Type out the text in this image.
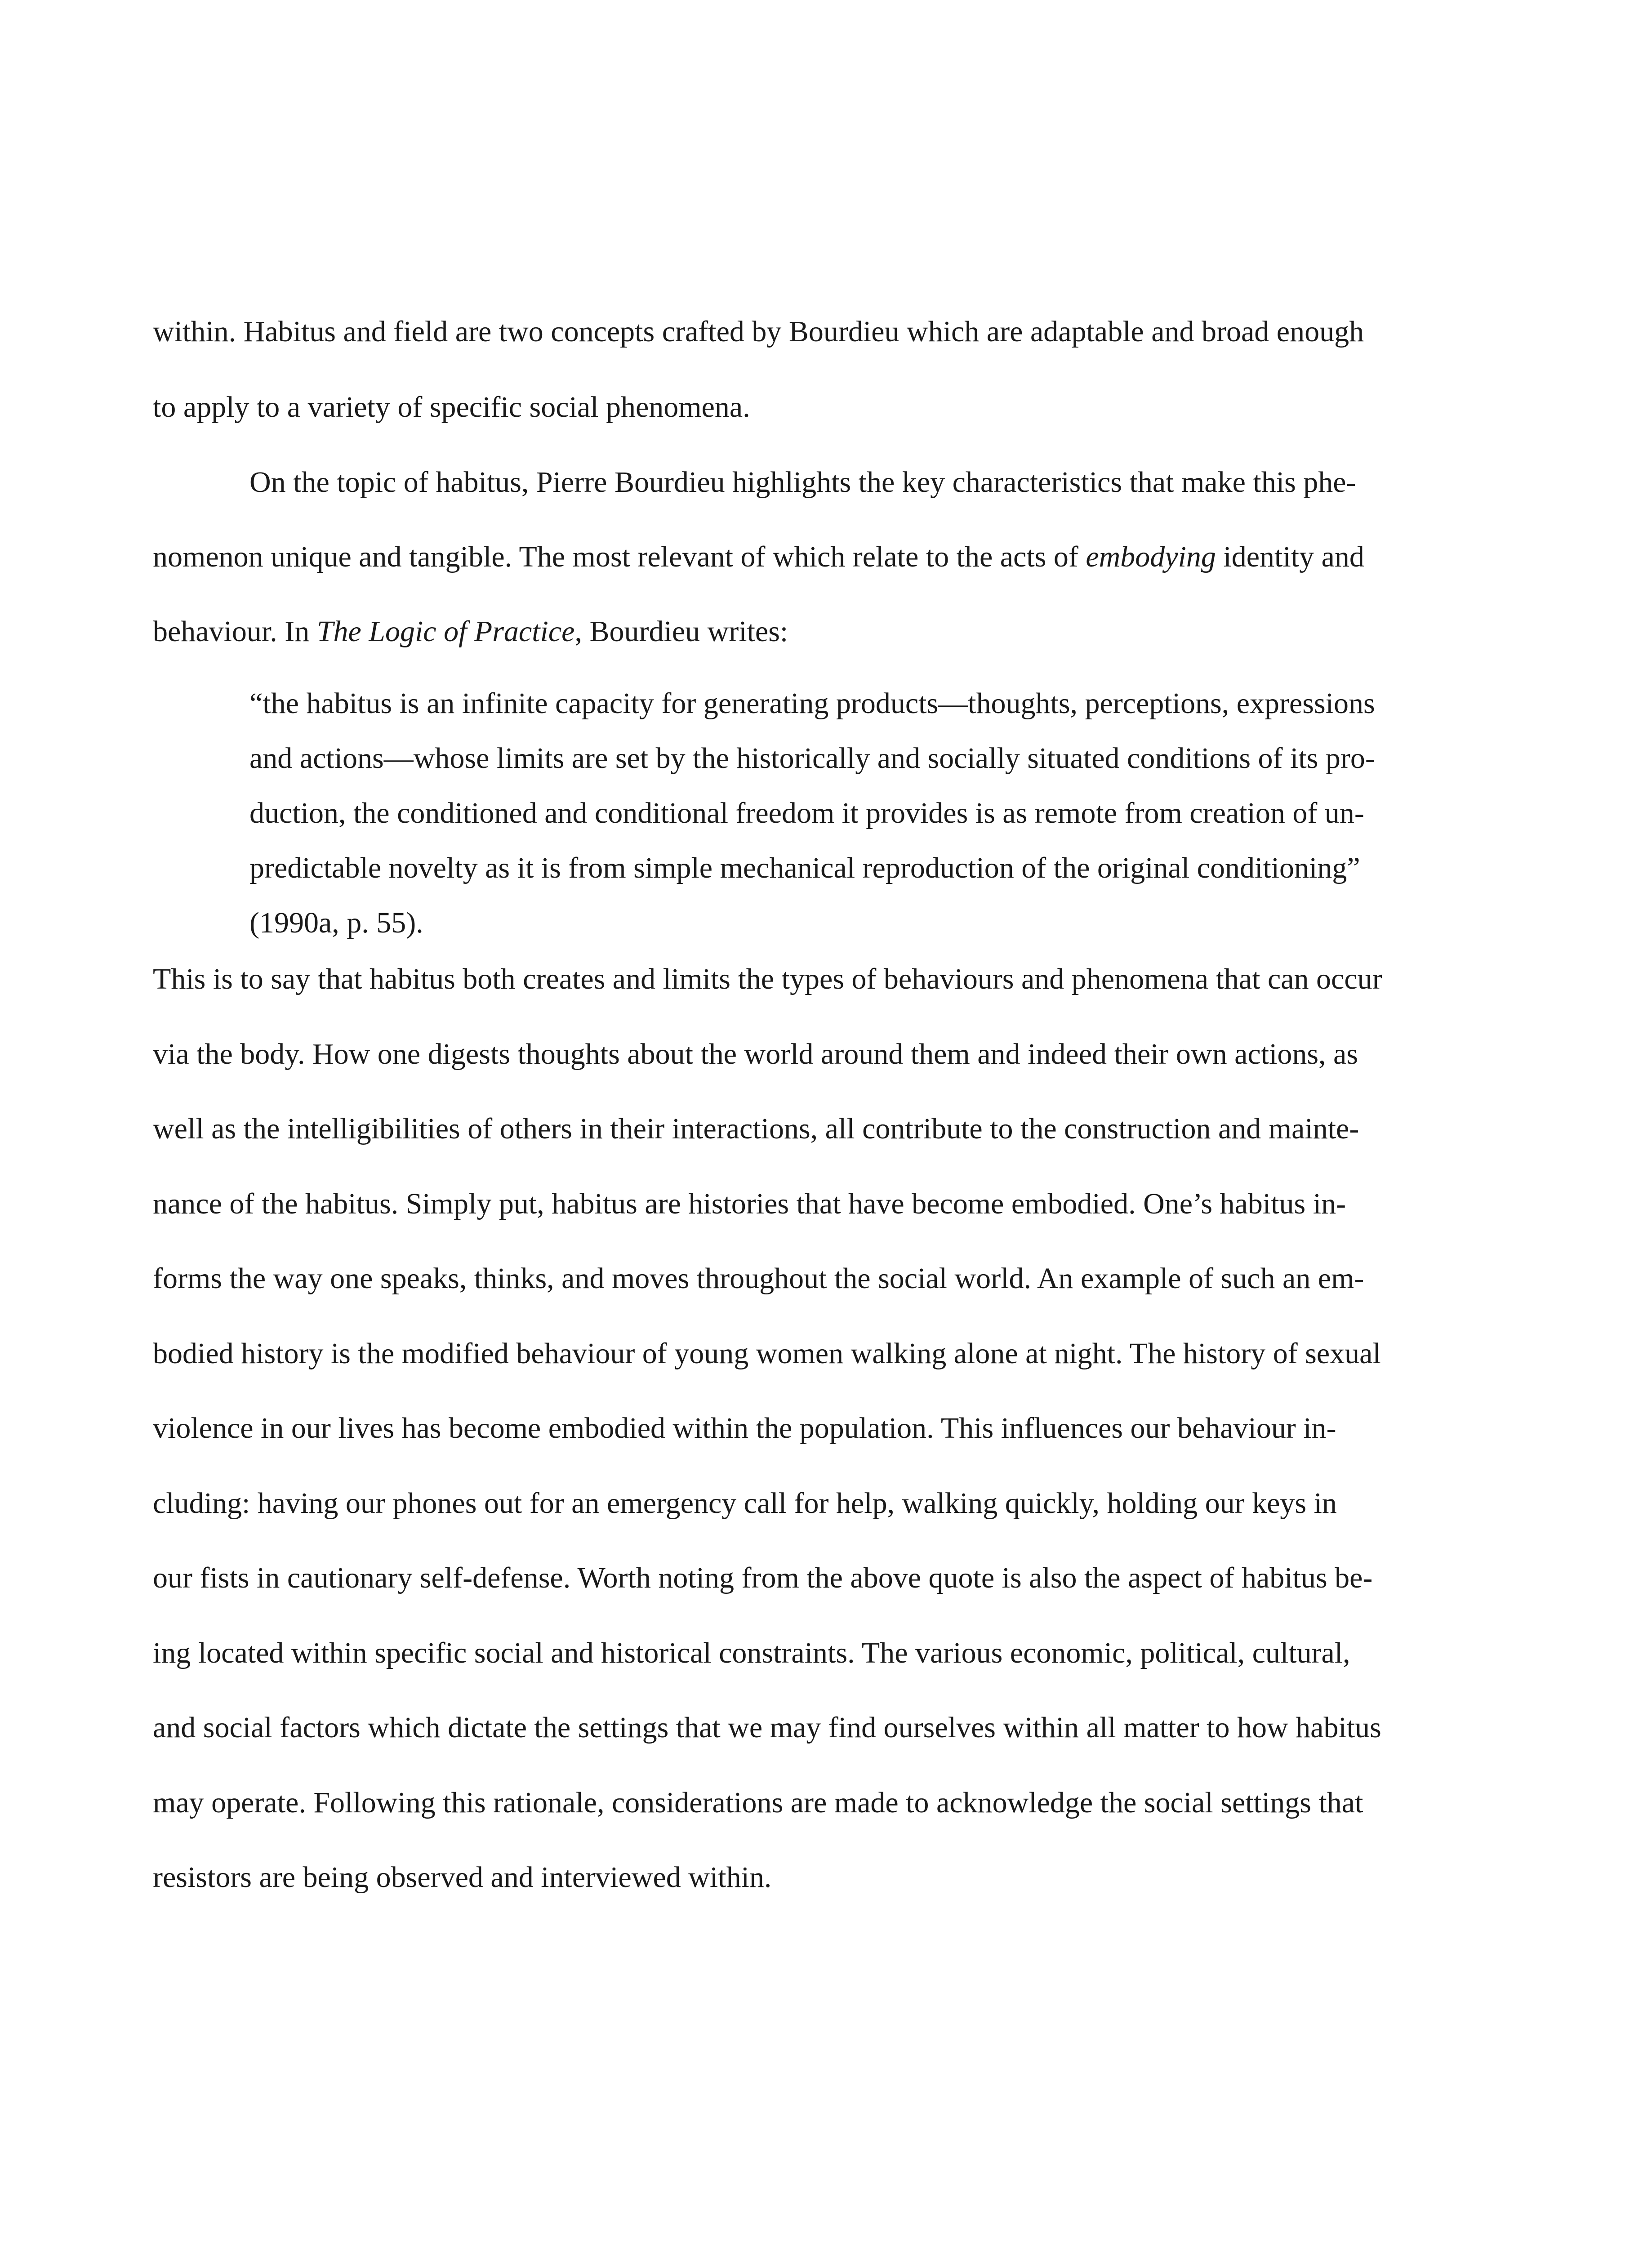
within. Habitus and field are two concepts crafted by Bourdieu which are adaptable and broad enough
to apply to a variety of specific social phenomena.
On the topic of habitus, Pierre Bourdieu highlights the key characteristics that make this phe-
nomenon unique and tangible. The most relevant of which relate to the acts of embodying identity and
behaviour. In The Logic of Practice, Bourdieu writes:
“the habitus is an infinite capacity for generating products—thoughts, perceptions, expressions
and actions—whose limits are set by the historically and socially situated conditions of its pro-
duction, the conditioned and conditional freedom it provides is as remote from creation of un-
predictable novelty as it is from simple mechanical reproduction of the original conditioning”
(1990a, p. 55).
This is to say that habitus both creates and limits the types of behaviours and phenomena that can occur
via the body. How one digests thoughts about the world around them and indeed their own actions, as
well as the intelligibilities of others in their interactions, all contribute to the construction and mainte-
nance of the habitus. Simply put, habitus are histories that have become embodied. One’s habitus in-
forms the way one speaks, thinks, and moves throughout the social world. An example of such an em-
bodied history is the modified behaviour of young women walking alone at night. The history of sexual
violence in our lives has become embodied within the population. This influences our behaviour in-
cluding: having our phones out for an emergency call for help, walking quickly, holding our keys in
our fists in cautionary self-defense. Worth noting from the above quote is also the aspect of habitus be-
ing located within specific social and historical constraints. The various economic, political, cultural,
and social factors which dictate the settings that we may find ourselves within all matter to how habitus
may operate. Following this rationale, considerations are made to acknowledge the social settings that
resistors are being observed and interviewed within.
